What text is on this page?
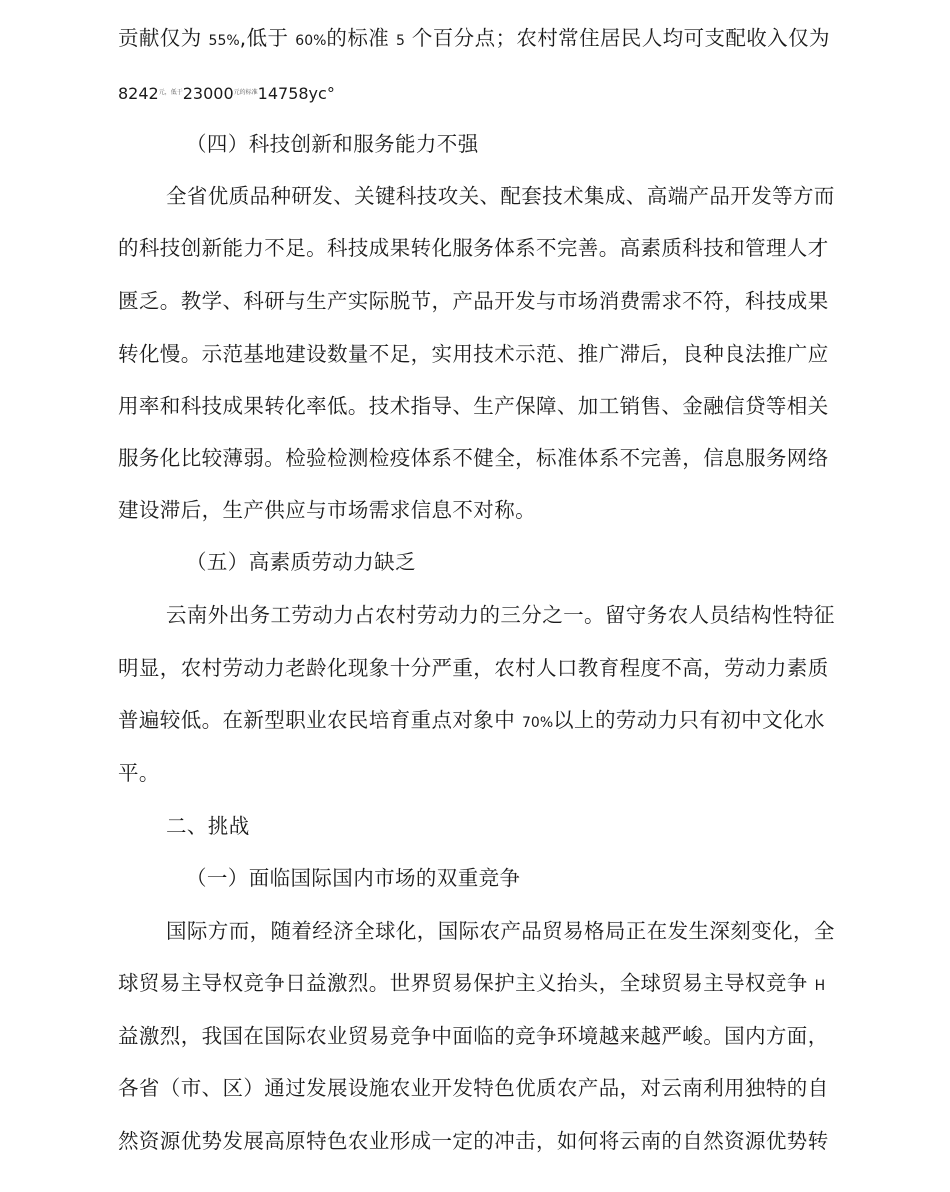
贡献仅为 55%,低于 60%的标准 5 个百分点；农村常住居民人均可支配收入仅为
8242元，低于23000元的标准14758yc°
（四）科技创新和服务能力不强
全省优质品种研发、关键科技攻关、配套技术集成、高端产品开发等方而
的科技创新能力不足。科技成果转化服务体系不完善。高素质科技和管理人才
匮乏。教学、科研与生产实际脱节，产品开发与市场消费需求不符，科技成果
转化慢。示范基地建设数量不足，实用技术示范、推广滞后，良种良法推广应
用率和科技成果转化率低。技术指导、生产保障、加工销售、金融信贷等相关
服务化比较薄弱。检验检测检疫体系不健全，标准体系不完善，信息服务网络
建设滞后，生产供应与市场需求信息不对称。
（五）高素质劳动力缺乏
云南外出务工劳动力占农村劳动力的三分之一。留守务农人员结构性特征
明显，农村劳动力老龄化现象十分严重，农村人口教育程度不高，劳动力素质
普遍较低。在新型职业农民培育重点对象中 70%以上的劳动力只有初中文化水
平。
二、挑战
（一）面临国际国内市场的双重竞争
国际方而，随着经济全球化，国际农产品贸易格局正在发生深刻变化，全
球贸易主导权竞争日益激烈。世界贸易保护主义抬头，全球贸易主导权竞争 H
益激烈，我国在国际农业贸易竞争中面临的竞争环境越来越严峻。国内方面，
各省（市、区）通过发展设施农业开发特色优质农产品，对云南利用独特的自
然资源优势发展高原特色农业形成一定的冲击，如何将云南的自然资源优势转
